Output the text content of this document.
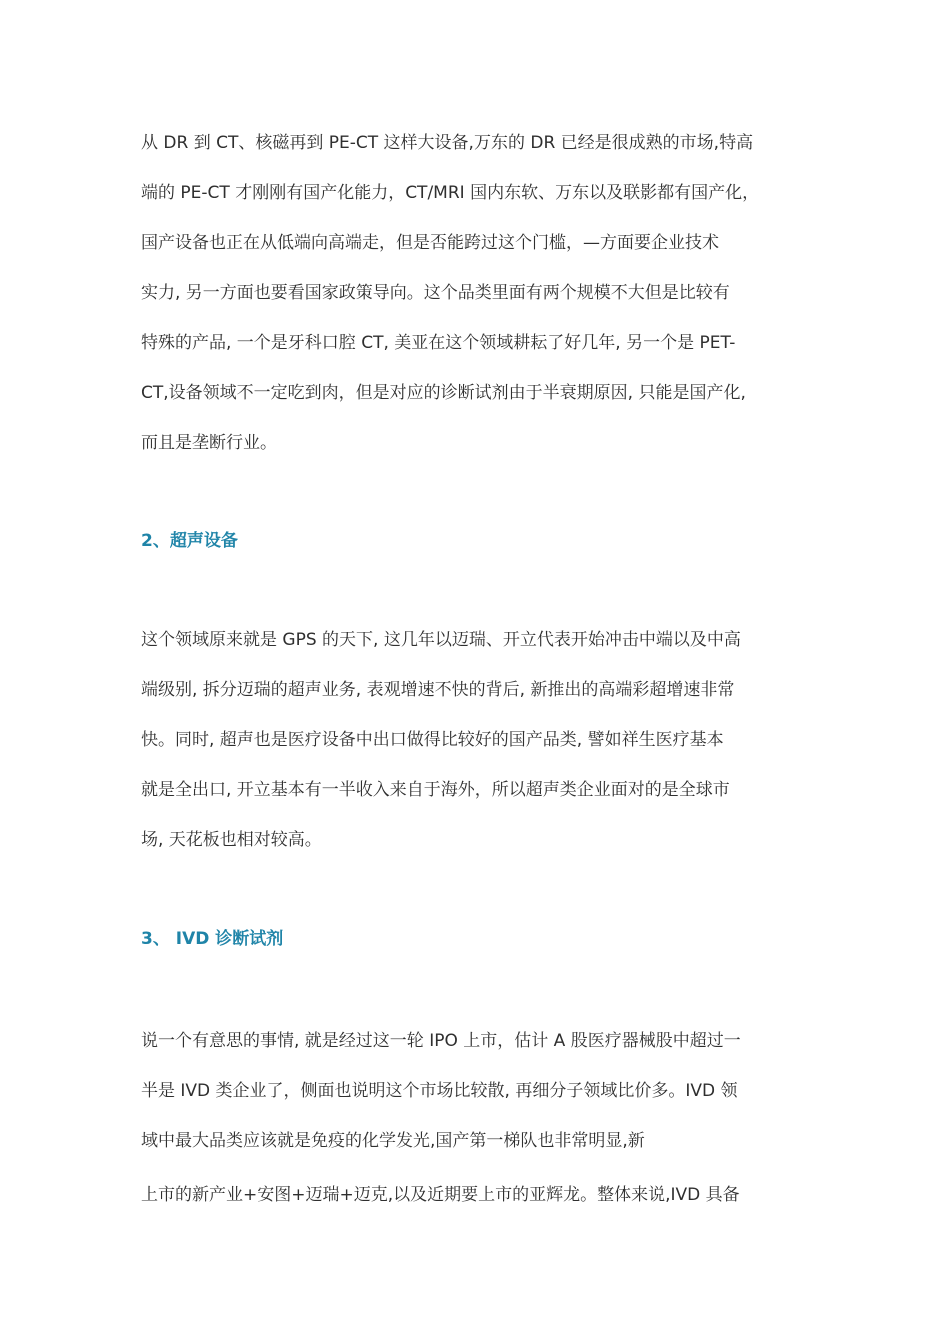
从 DR 到 CT、核磁再到 PE-CT 这样大设备,万东的 DR 已经是很成熟的市场,特高
端的 PE-CT 才刚刚有国产化能力，CT/MRI 国内东软、万东以及联影都有国产化，
国产设备也正在从低端向高端走，但是否能跨过这个门槛，—方面要企业技术
实力, 另一方面也要看国家政策导向。这个品类里面有两个规模不大但是比较有
特殊的产品, 一个是牙科口腔 CT, 美亚在这个领域耕耘了好几年, 另一个是 PET-
CT,设备领域不一定吃到肉，但是对应的诊断试剂由于半衰期原因, 只能是国产化,
而且是垄断行业。
2、超声设备
这个领域原来就是 GPS 的天下, 这几年以迈瑞、开立代表开始冲击中端以及中高
端级别, 拆分迈瑞的超声业务, 表观增速不快的背后, 新推出的高端彩超增速非常
快。同时, 超声也是医疗设备中出口做得比较好的国产品类, 譬如祥生医疗基本
就是全出口, 开立基本有一半收入来自于海外，所以超声类企业面对的是全球市
场, 天花板也相对较高。
3、 IVD 诊断试剂
说一个有意思的事情, 就是经过这一轮 IPO 上市，估计 A 股医疗器械股中超过一
半是 IVD 类企业了，侧面也说明这个市场比较散, 再细分子领域比价多。IVD 领
域中最大品类应该就是免疫的化学发光,国产第一梯队也非常明显,新
上市的新产业+安图+迈瑞+迈克,以及近期要上市的亚辉龙。整体来说,IVD 具备
